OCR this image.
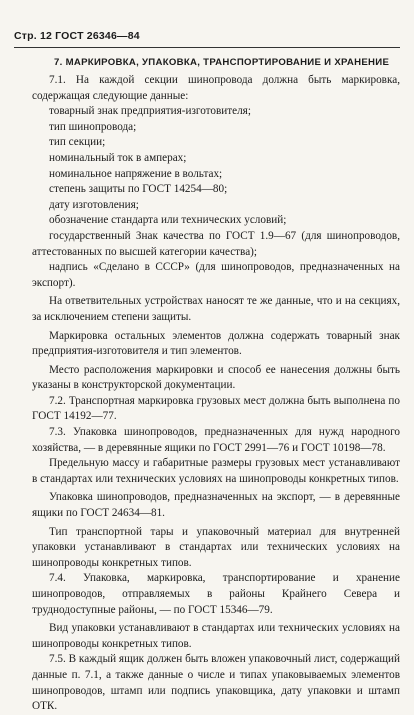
Стр. 12 ГОСТ 26346—84
7. МАРКИРОВКА, УПАКОВКА, ТРАНСПОРТИРОВАНИЕ И ХРАНЕНИЕ

7.1. На каждой секции шинопровода должна быть маркировка, содержащая следующие данные:

товарный знак предприятия-изготовителя;

тип шинопровода;

тип секции;

номинальный ток в амперах;

номинальное напряжение в вольтах;

степень защиты по ГОСТ 14254—80;

дату изготовления;

обозначение стандарта или технических условий;

государственный Знак качества по ГОСТ 1.9—67 (для шинопроводов, аттестованных по высшей категории качества);

надпись «Сделано в СССР» (для шинопроводов, предназначенных на экспорт).

На ответвительных устройствах наносят те же данные, что и на секциях, за исключением степени защиты.

Маркировка остальных элементов должна содержать товарный знак предприятия-изготовителя и тип элементов.

Место расположения маркировки и способ ее нанесения должны быть указаны в конструкторской документации.

7.2. Транспортная маркировка грузовых мест должна быть выполнена по ГОСТ 14192—77.

7.3. Упаковка шинопроводов, предназначенных для нужд народного хозяйства, — в деревянные ящики по ГОСТ 2991—76 и ГОСТ 10198—78.

Предельную массу и габаритные размеры грузовых мест устанавливают в стандартах или технических условиях на шинопроводы конкретных типов.

Упаковка шинопроводов, предназначенных на экспорт, — в деревянные ящики по ГОСТ 24634—81.

Тип транспортной тары и упаковочный материал для внутренней упаковки устанавливают в стандартах или технических условиях на шинопроводы конкретных типов.

7.4. Упаковка, маркировка, транспортирование и хранение шинопроводов, отправляемых в районы Крайнего Севера и труднодоступные районы, — по ГОСТ 15346—79.

Вид упаковки устанавливают в стандартах или технических условиях на шинопроводы конкретных типов.

7.5. В каждый ящик должен быть вложен упаковочный лист, содержащий данные п. 7.1, а также данные о числе и типах упаковываемых элементов шинопроводов, штамп или подпись упаковщика, дату упаковки и штамп ОТК.
